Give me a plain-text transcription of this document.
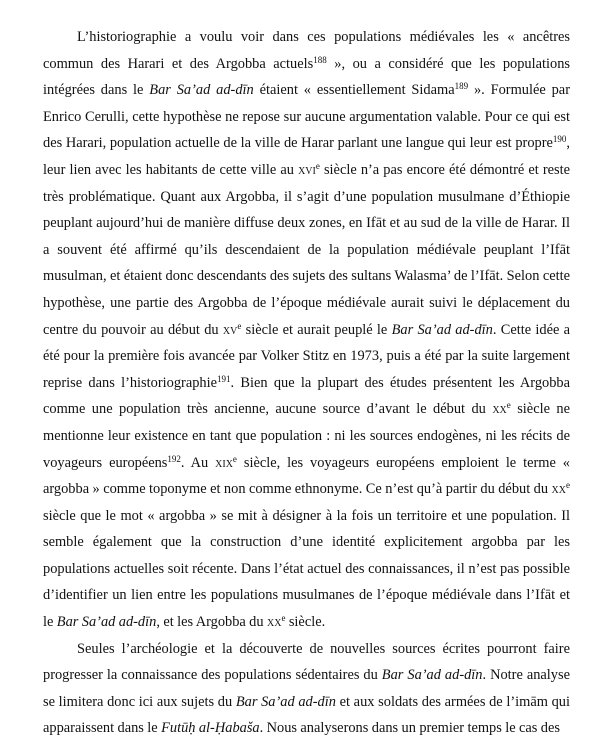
L’historiographie a voulu voir dans ces populations médiévales les « ancêtres commun des Harari et des Argobba actuels$^{188}$ », ou a considéré que les populations intégrées dans le Bar Sa’ad ad-dīn étaient « essentiellement Sidama$^{189}$ ». Formulée par Enrico Cerulli, cette hypothèse ne repose sur aucune argumentation valable. Pour ce qui est des Harari, population actuelle de la ville de Harar parlant une langue qui leur est propre$^{190}$, leur lien avec les habitants de cette ville au xvi$^e$ siècle n’a pas encore été démontré et reste très problématique. Quant aux Argobba, il s’agit d’une population musulmane d’Éthiopie peuplant aujourd’hui de manière diffuse deux zones, en Ifāt et au sud de la ville de Harar. Il a souvent été affirmé qu’ils descendaient de la population médiévale peuplant l’Ifāt musulman, et étaient donc descendants des sujets des sultans Walasma’ de l’Ifāt. Selon cette hypothèse, une partie des Argobba de l’époque médiévale aurait suivi le déplacement du centre du pouvoir au début du $xv^e$ siècle et aurait peuplé le Bar Sa’ad ad-dīn. Cette idée a été pour la première fois avancée par Volker Stitz en 1973, puis a été par la suite largement reprise dans l’historiographie$^{191}$. Bien que la plupart des études présentent les Argobba comme une population très ancienne, aucune source d’avant le début du $xx^e$ siècle ne mentionne leur existence en tant que population : ni les sources endogènes, ni les récits de voyageurs européens$^{192}$. Au xix$^e$ siècle, les voyageurs européens emploient le terme « argobba » comme toponyme et non comme ethnonyme. Ce n’est qu’à partir du début du $xx^e$ siècle que le mot « argobba » se mit à désigner à la fois un territoire et une population. Il semble également que la construction d’une identité explicitement argobba par les populations actuelles soit récente. Dans l’état actuel des connaissances, il n’est pas possible d’identifier un lien entre les populations musulmanes de l’époque médiévale dans l’Ifāt et le Bar Sa’ad ad-dīn, et les Argobba du $xx^e$ siècle.

Seules l’archéologie et la découverte de nouvelles sources écrites pourront faire progresser la connaissance des populations sédentaires du Bar Sa’ad ad-dīn. Notre analyse se limitera donc ici aux sujets du Bar Sa’ad ad-dīn et aux soldats des armées de l’imām qui apparaissent dans le Futūḥ al-Ḥabaša. Nous analyserons dans un premier temps le cas des
